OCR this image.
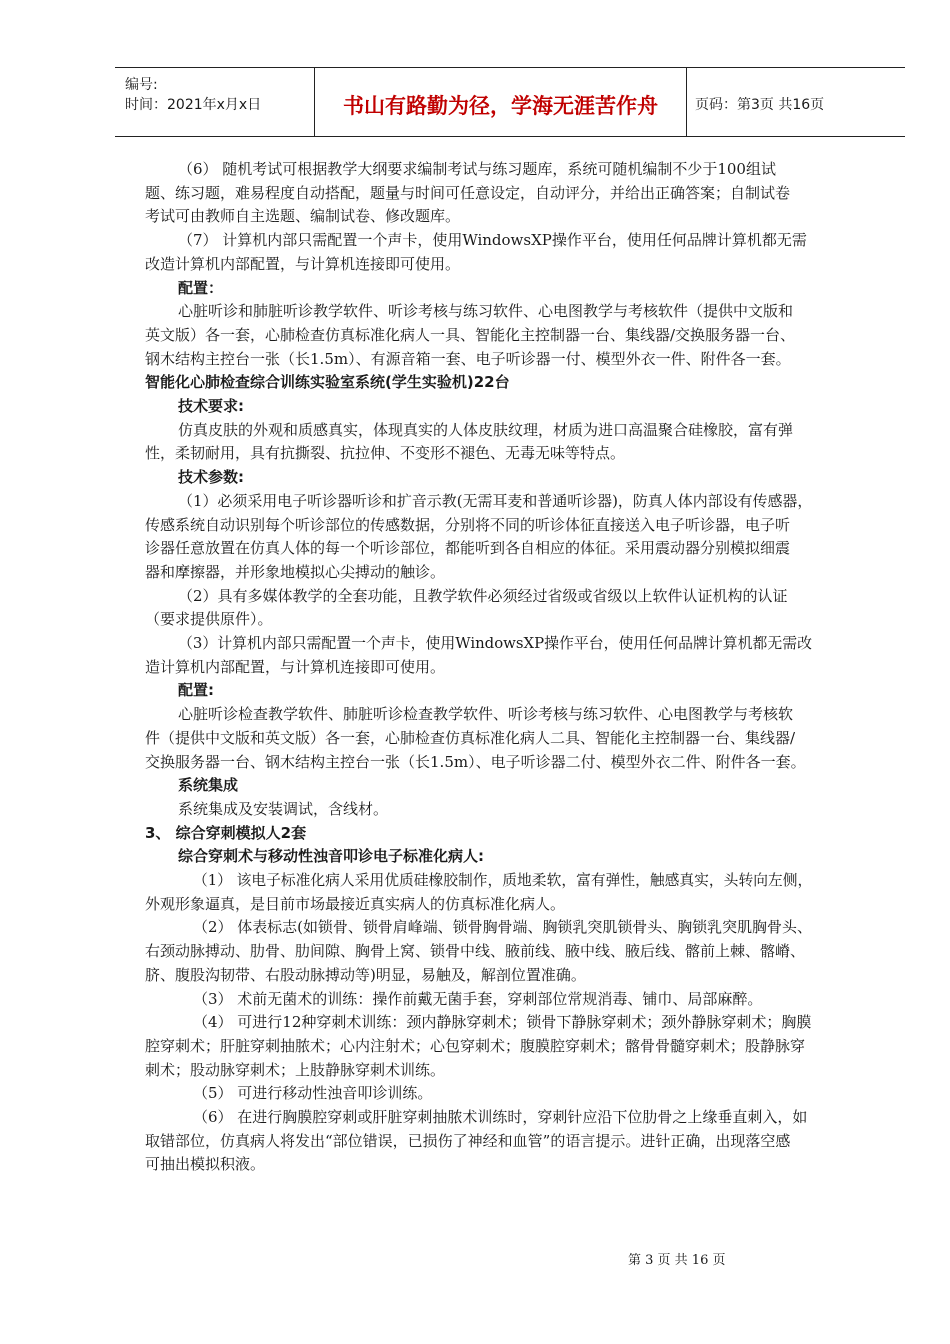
编号:
时间：2021年x月x日	书山有路勤为径，学海无涯苦作舟	页码：第3页 共16页
（6） 随机考试可根据教学大纲要求编制考试与练习题库，系统可随机编制不少于100组试
题、练习题，难易程度自动搭配，题量与时间可任意设定，自动评分，并给出正确答案；自制试卷
考试可由教师自主选题、编制试卷、修改题库。
（7） 计算机内部只需配置一个声卡，使用WindowsXP操作平台，使用任何品牌计算机都无需
改造计算机内部配置，与计算机连接即可使用。
配置：
心脏听诊和肺脏听诊教学软件、听诊考核与练习软件、心电图教学与考核软件（提供中文版和
英文版）各一套，心肺检查仿真标准化病人一具、智能化主控制器一台、集线器/交换服务器一台、
钢木结构主控台一张（长1.5m）、有源音箱一套、电子听诊器一付、模型外衣一件、附件各一套。
智能化心肺检查综合训练实验室系统(学生实验机)22台
技术要求:
仿真皮肤的外观和质感真实，体现真实的人体皮肤纹理，材质为进口高温聚合硅橡胶，富有弹
性，柔韧耐用，具有抗撕裂、抗拉伸、不变形不褪色、无毒无味等特点。
技术参数:
（1）必须采用电子听诊器听诊和扩音示教(无需耳麦和普通听诊器)，防真人体内部设有传感器，
传感系统自动识别每个听诊部位的传感数据，分别将不同的听诊体征直接送入电子听诊器，电子听
诊器任意放置在仿真人体的每一个听诊部位，都能听到各自相应的体征。采用震动器分别模拟细震
器和摩擦器，并形象地模拟心尖搏动的触诊。
（2）具有多媒体教学的全套功能，且教学软件必须经过省级或省级以上软件认证机构的认证
（要求提供原件）。
（3）计算机内部只需配置一个声卡，使用WindowsXP操作平台，使用任何品牌计算机都无需改
造计算机内部配置，与计算机连接即可使用。
配置:
心脏听诊检查教学软件、肺脏听诊检查教学软件、听诊考核与练习软件、心电图教学与考核软
件（提供中文版和英文版）各一套，心肺检查仿真标准化病人二具、智能化主控制器一台、集线器/
交换服务器一台、钢木结构主控台一张（长1.5m）、电子听诊器二付、模型外衣二件、附件各一套。
系统集成
系统集成及安装调试，含线材。
3、 综合穿刺模拟人2套
综合穿刺术与移动性浊音叩诊电子标准化病人:
（1） 该电子标准化病人采用优质硅橡胶制作，质地柔软，富有弹性，触感真实，头转向左侧，
外观形象逼真，是目前市场最接近真实病人的仿真标准化病人。
（2） 体表标志(如锁骨、锁骨肩峰端、锁骨胸骨端、胸锁乳突肌锁骨头、胸锁乳突肌胸骨头、
右颈动脉搏动、肋骨、肋间隙、胸骨上窝、锁骨中线、腋前线、腋中线、腋后线、髂前上棘、髂嵴、
脐、腹股沟韧带、右股动脉搏动等)明显，易触及，解剖位置准确。
（3） 术前无菌术的训练：操作前戴无菌手套，穿刺部位常规消毒、铺巾、局部麻醉。
（4） 可进行12种穿刺术训练：颈内静脉穿刺术；锁骨下静脉穿刺术；颈外静脉穿刺术；胸膜
腔穿刺术；肝脏穿刺抽脓术；心内注射术；心包穿刺术；腹膜腔穿刺术；髂骨骨髓穿刺术；股静脉穿
刺术；股动脉穿刺术；上肢静脉穿刺术训练。
（5） 可进行移动性浊音叩诊训练。
（6） 在进行胸膜腔穿刺或肝脏穿刺抽脓术训练时，穿刺针应沿下位肋骨之上缘垂直刺入，如
取错部位，仿真病人将发出“部位错误，已损伤了神经和血管”的语言提示。进针正确，出现落空感
可抽出模拟积液。
第 3 页 共 16 页
